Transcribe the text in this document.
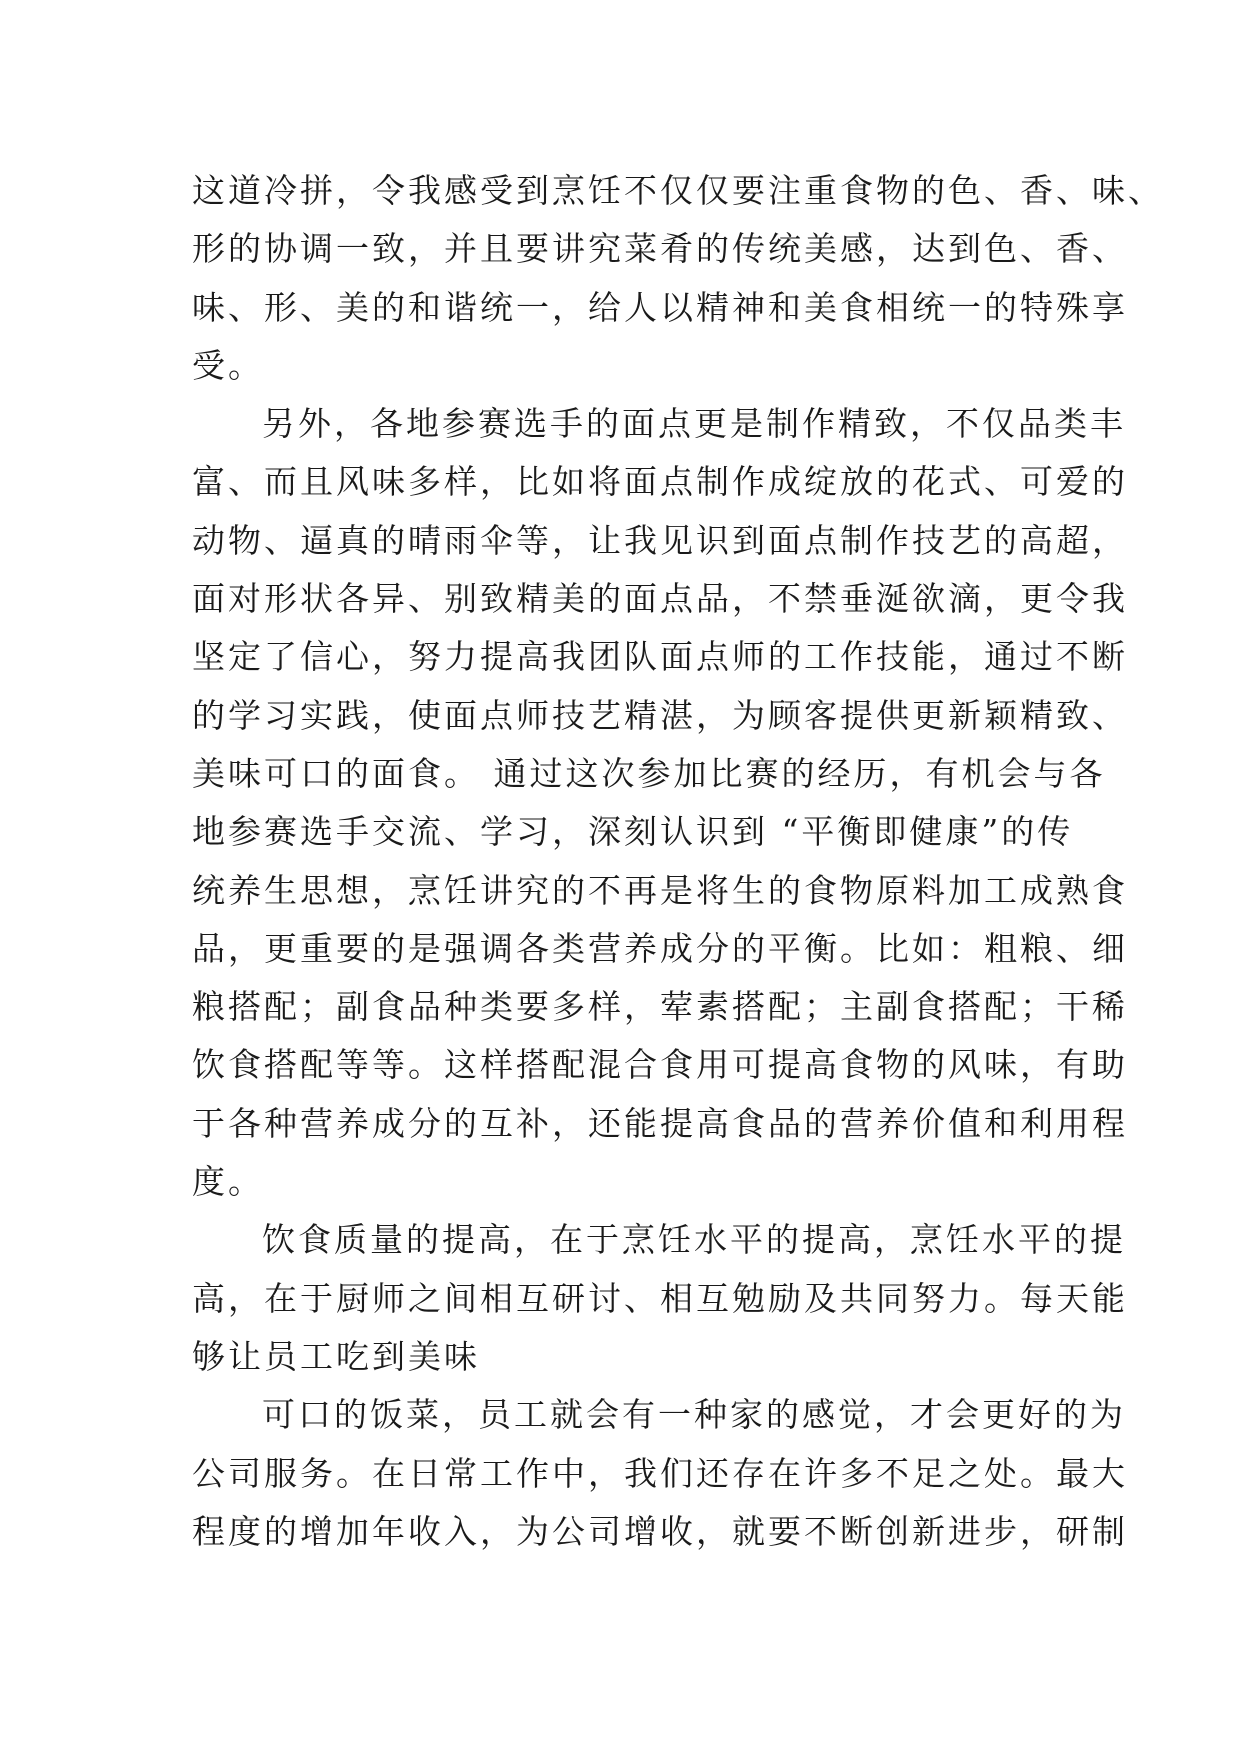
这道冷拼，令我感受到烹饪不仅仅要注重食物的色、香、味、

形的协调一致，并且要讲究菜肴的传统美感，达到色、香、

味、形、美的和谐统一，给人以精神和美食相统一的特殊享

受。

另外，各地参赛选手的面点更是制作精致，不仅品类丰

富、而且风味多样，比如将面点制作成绽放的花式、可爱的

动物、逼真的晴雨伞等，让我见识到面点制作技艺的高超，

面对形状各异、别致精美的面点品，不禁垂涎欲滴，更令我

坚定了信心，努力提高我团队面点师的工作技能，通过不断

的学习实践，使面点师技艺精湛，为顾客提供更新颖精致、

美味可口的面食。 通过这次参加比赛的经历，有机会与各

地参赛选手交流、学习，深刻认识到 “平衡即健康”的传

统养生思想，烹饪讲究的不再是将生的食物原料加工成熟食

品，更重要的是强调各类营养成分的平衡。比如：粗粮、细

粮搭配；副食品种类要多样，荤素搭配；主副食搭配；干稀

饮食搭配等等。这样搭配混合食用可提高食物的风味，有助

于各种营养成分的互补，还能提高食品的营养价值和利用程

度。

饮食质量的提高，在于烹饪水平的提高，烹饪水平的提

高，在于厨师之间相互研讨、相互勉励及共同努力。每天能

够让员工吃到美味

可口的饭菜，员工就会有一种家的感觉，才会更好的为

公司服务。在日常工作中，我们还存在许多不足之处。最大

程度的增加年收入，为公司增收，就要不断创新进步，研制
